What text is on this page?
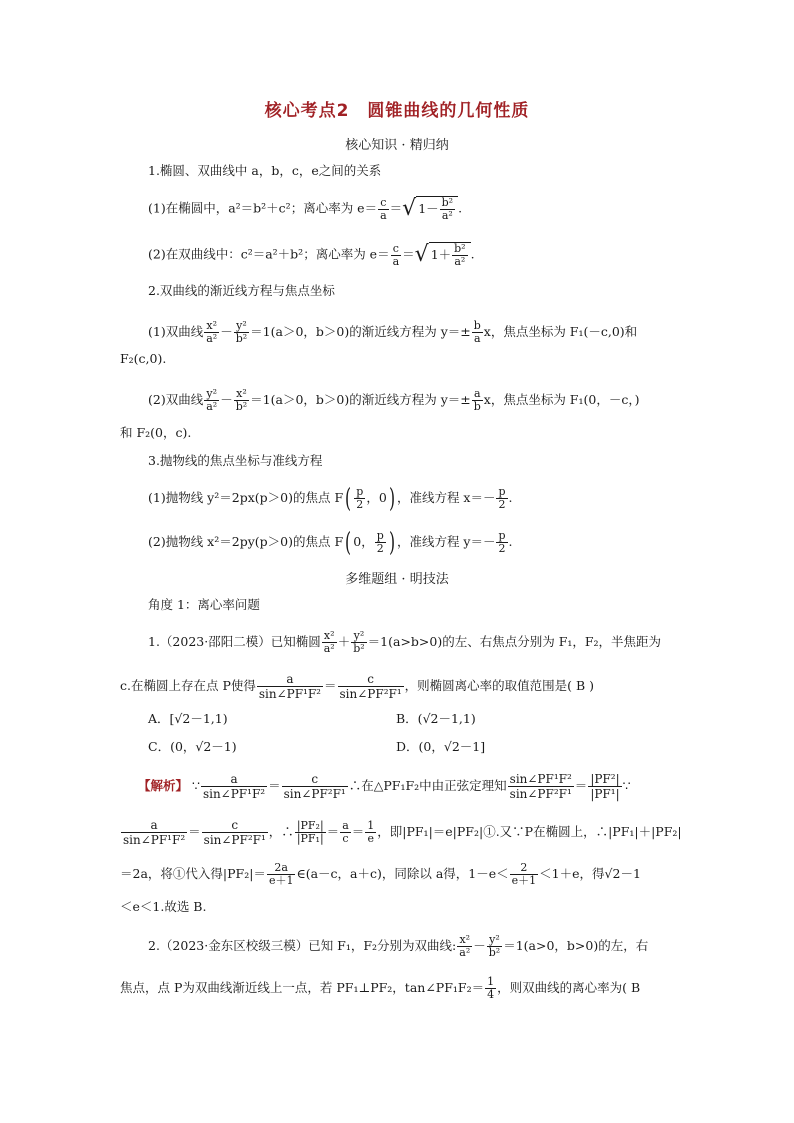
核心考点2　圆锥曲线的几何性质
核心知识 · 精归纳
1.椭圆、双曲线中 a，b，c，e之间的关系
(1)在椭圆中，a²＝b²＋c²；离心率为 $e= \frac{c}{a}$ ＝√ $1- \frac{\text{b²}}{\text{a²}}$ .
(2)在双曲线中：c²＝a²＋b²；离心率为 $e= \frac{c}{a}$ ＝√ $1+ \frac{\text{b²}}{\text{a²}}$ .
2.双曲线的渐近线方程与焦点坐标
(1)双曲线 $\frac{\text{x²}}{\text{a²}} - \frac{\text{y²}}{\text{b²}} =1(a>0$，b＞0)的渐近线方程为 $y=\pm \frac{b}{a}$ x，焦点坐标为 F₁(－c,0)和
F₂(c,0).
(2)双曲线 $\frac{\text{y²}}{\text{a²}} - \frac{\text{x²}}{\text{b²}} =1(a>0$，b＞0)的渐近线方程为 $y=\pm \frac{a}{b}$ x，焦点坐标为 F₁(0，－c，)
和 F₂(0，c).
3.抛物线的焦点坐标与准线方程
(1)抛物线 y²＝2px(p＞0)的焦点 $F( \frac{p}{2}$ ，0) ，准线方程 $x=- \frac{p}{2}$ .
(2)抛物线 x²＝2py(p＞0)的焦点 F( 0， $\frac{p}{2}$ ) ，准线方程 $y=- \frac{p}{2}$ .
多维题组 · 明技法
角度 1：离心率问题
1.（2023·邵阳二模）已知椭圆 $\frac{\text{x²}}{\text{a²}} + \frac{\text{y²}}{\text{b²}} =1(a>b>0)$的左、右焦点分别为 F₁，F₂，半焦距为
c.在椭圆上存在点 P使得 $\frac{a}{\text{sin∠PF¹F²}} = \frac{c}{\text{sin∠PF²F¹}}$ ，则椭圆离心率的取值范围是( B )
A．[√2－1,1)	B．(√2－1,1)
C．(0，√2－1)	D．(0，√2－1]
【解析】 ∵ $\frac{a}{\text{sin∠PF¹F²}} = \frac{c}{\text{sin∠PF²F¹}}$ ∴在△PF₁F₂中由正弦定理知 $\frac{\text{sin∠PF¹F²}}{\text{sin∠PF²F¹}} = \frac{\text{|PF²|}}{\text{|PF¹|}}$ ∵
$\frac{a}{\text{sin∠PF¹F²}} = \frac{c}{\text{sin∠PF²F¹}}$ ，∴ $\frac{\text{|PF₂|}}{\text{|PF₁|}} = \frac{a}{c} = \frac{1}{e}$ ，即|PF₁|＝e|PF₂|①.又∵P在椭圆上，∴|PF₁|＋|PF₂|
＝2a，将①代入得$|PF_2|= \frac{2a}{e+1}$ ∈(a－c，a＋c)，同除以 a得，$1-e< \frac{2}{e+1} <1+e$，得√2－1
＜e＜1.故选 B.
2.（2023·金东区校级三模）已知 F₁，F₂分别为双曲线: $\frac{\text{x²}}{\text{a²}} - \frac{\text{y²}}{\text{b²}} =1(a>0$，b>0)的左，右
焦点，点 P为双曲线渐近线上一点，若 PF₁⊥PF₂，tan∠PF₁F₂＝ $\frac{1}{4}$ ，则双曲线的离心率为( B
